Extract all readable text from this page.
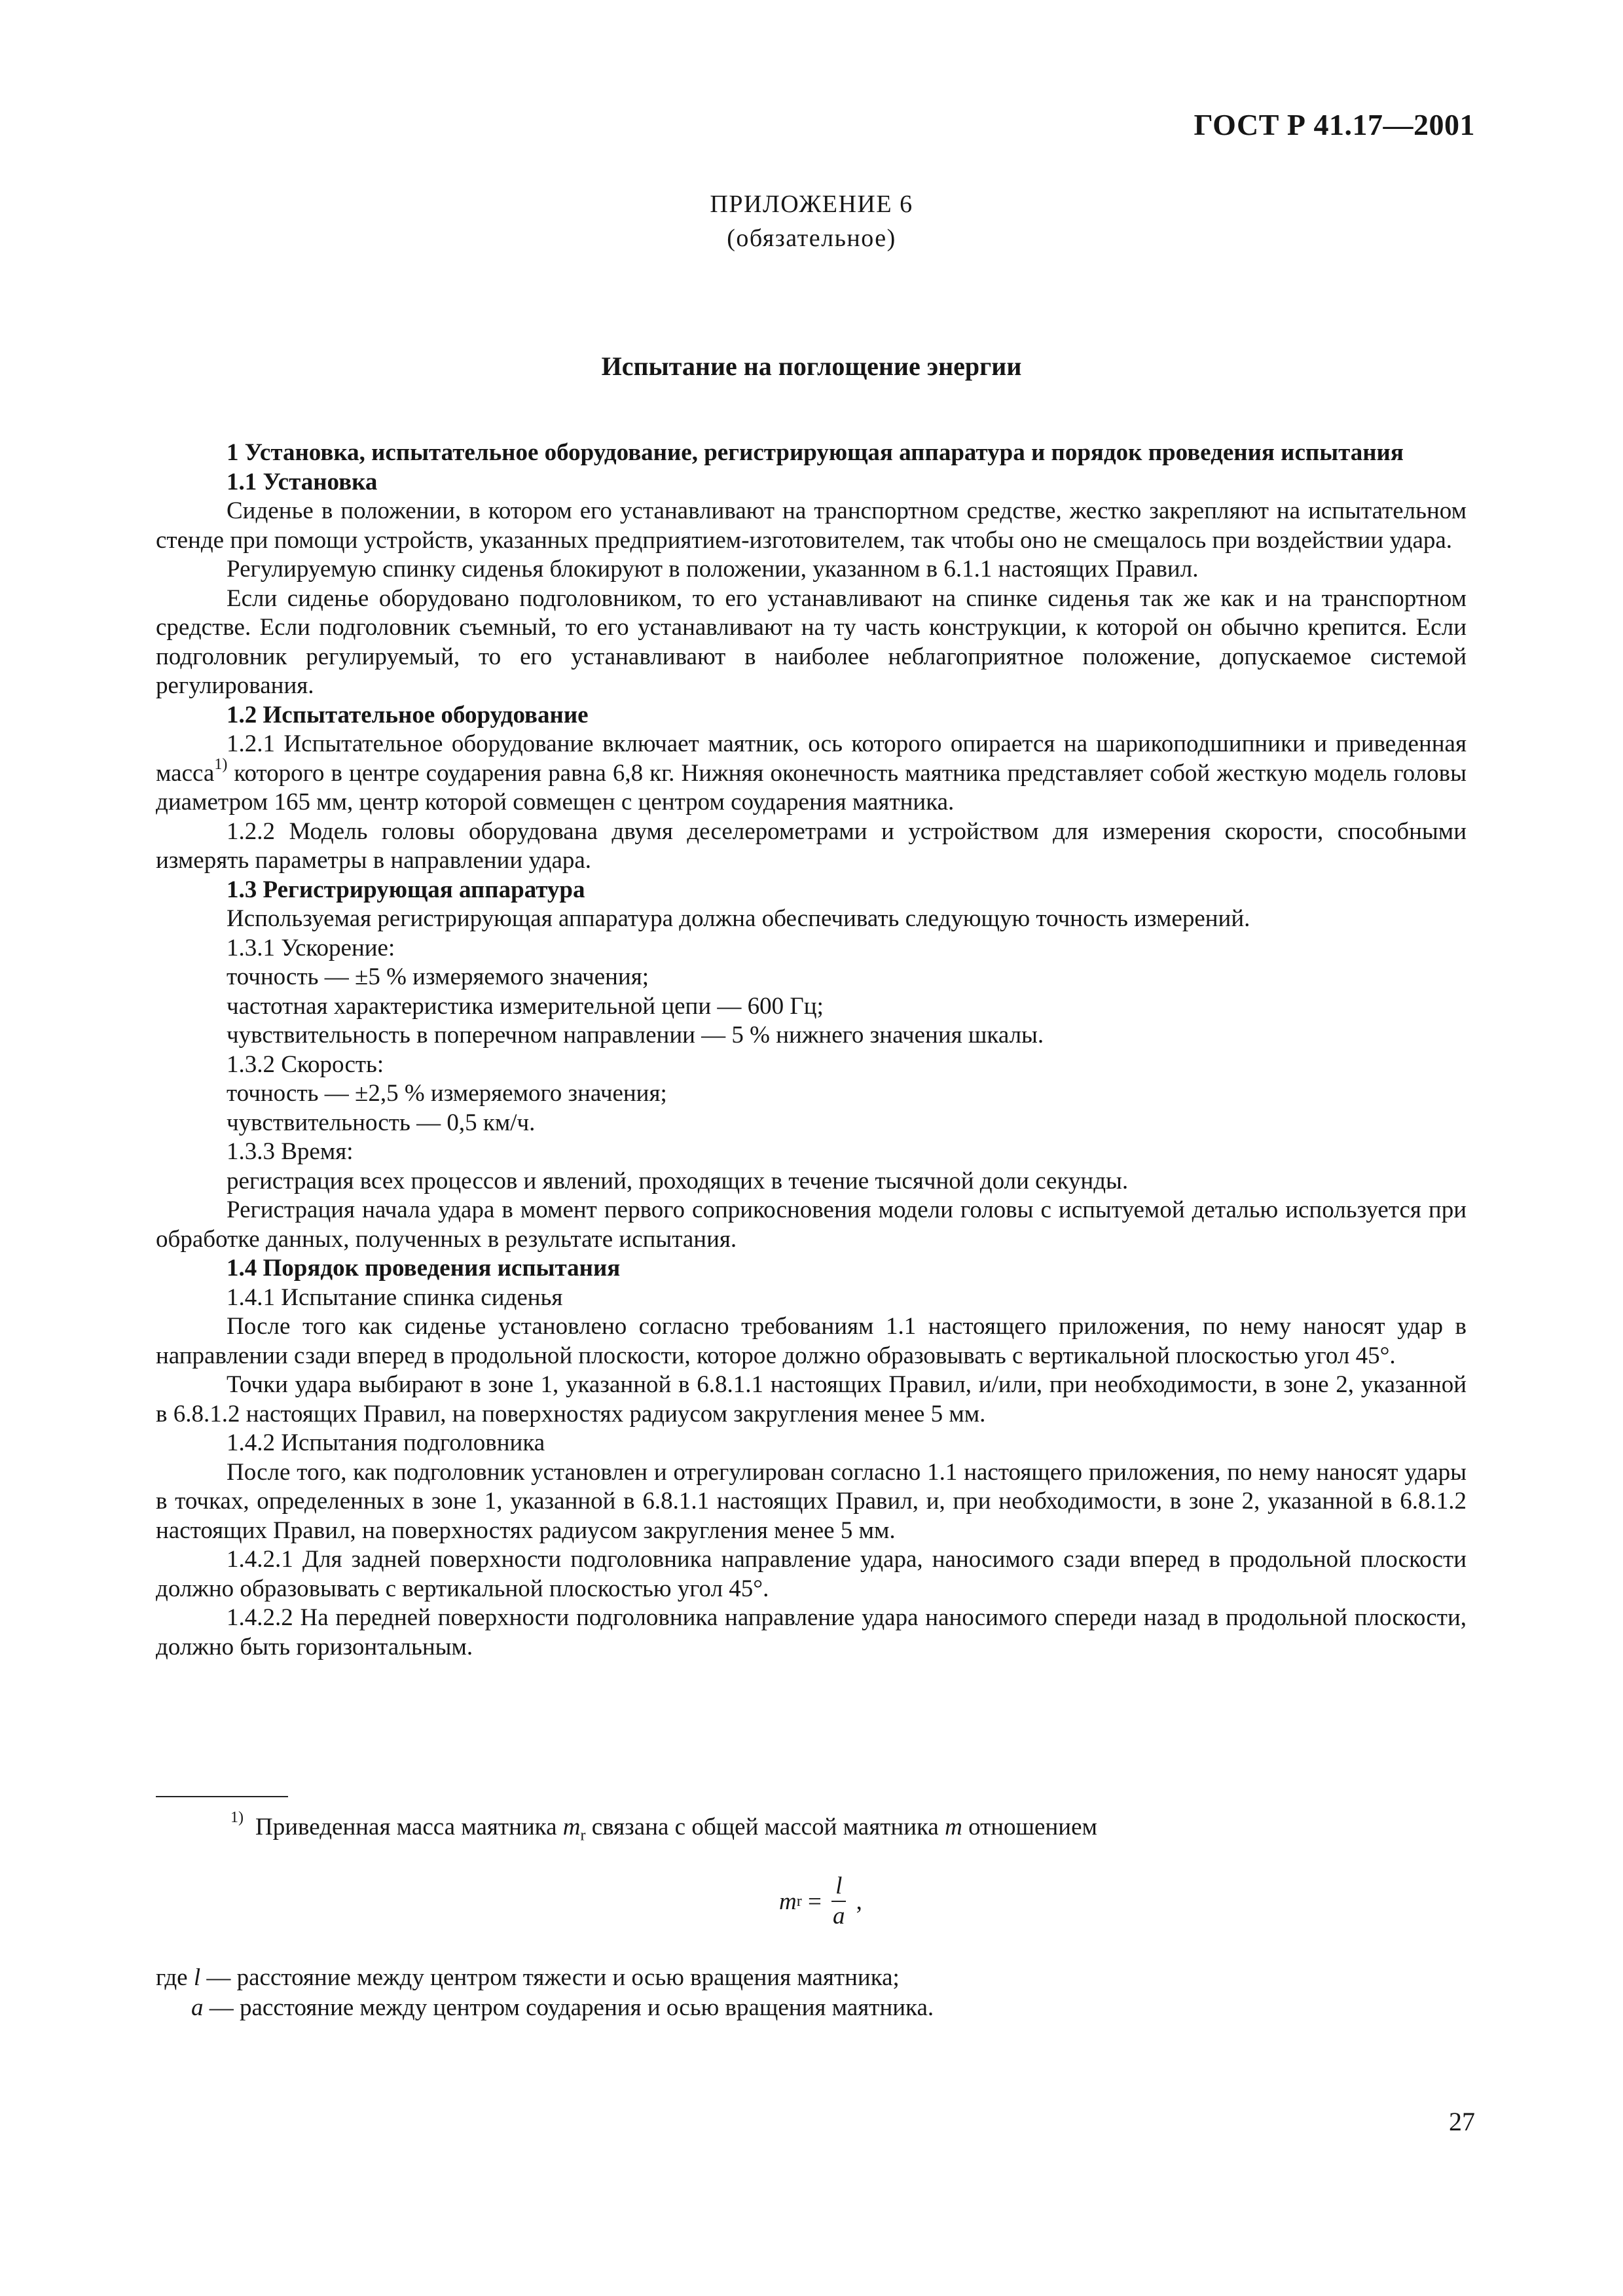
ГОСТ Р 41.17—2001
ПРИЛОЖЕНИЕ 6
(обязательное)
Испытание на поглощение энергии

1 Установка, испытательное оборудование, регистрирующая аппаратура и порядок проведения испытания

1.1 Установка

Сиденье в положении, в котором его устанавливают на транспортном средстве, жестко закрепляют на испытательном стенде при помощи устройств, указанных предприятием-изготовителем, так чтобы оно не смещалось при воздействии удара.

Регулируемую спинку сиденья блокируют в положении, указанном в 6.1.1 настоящих Правил.

Если сиденье оборудовано подголовником, то его устанавливают на спинке сиденья так же как и на транспортном средстве. Если подголовник съемный, то его устанавливают на ту часть конструкции, к которой он обычно крепится. Если подголовник регулируемый, то его устанавливают в наиболее неблагоприятное положение, допускаемое системой регулирования.

1.2 Испытательное оборудование

1.2.1 Испытательное оборудование включает маятник, ось которого опирается на шарикоподшипники и приведенная масса$^{1)}$ которого в центре соударения равна 6,8 кг. Нижняя оконечность маятника представляет собой жесткую модель головы диаметром 165 мм, центр которой совмещен с центром соударения маятника.

1.2.2 Модель головы оборудована двумя деселерометрами и устройством для измерения скорости, способными измерять параметры в направлении удара.

1.3 Регистрирующая аппаратура

Используемая регистрирующая аппаратура должна обеспечивать следующую точность измерений.

1.3.1 Ускорение:

точность — ±5 % измеряемого значения;

частотная характеристика измерительной цепи — 600 Гц;

чувствительность в поперечном направлении — 5 % нижнего значения шкалы.

1.3.2 Скорость:

точность — ±2,5 % измеряемого значения;

чувствительность — 0,5 км/ч.

1.3.3 Время:

регистрация всех процессов и явлений, проходящих в течение тысячной доли секунды.

Регистрация начала удара в момент первого соприкосновения модели головы с испытуемой деталью используется при обработке данных, полученных в результате испытания.

1.4 Порядок проведения испытания

1.4.1 Испытание спинка сиденья

После того как сиденье установлено согласно требованиям 1.1 настоящего приложения, по нему наносят удар в направлении сзади вперед в продольной плоскости, которое должно образовывать с вертикальной плоскостью угол 45°.

Точки удара выбирают в зоне 1, указанной в 6.8.1.1 настоящих Правил, и/или, при необходимости, в зоне 2, указанной в 6.8.1.2 настоящих Правил, на поверхностях радиусом закругления менее 5 мм.

1.4.2 Испытания подголовника

После того, как подголовник установлен и отрегулирован согласно 1.1 настоящего приложения, по нему наносят удары в точках, определенных в зоне 1, указанной в 6.8.1.1 настоящих Правил, и, при необходимости, в зоне 2, указанной в 6.8.1.2 настоящих Правил, на поверхностях радиусом закругления менее 5 мм.

1.4.2.1 Для задней поверхности подголовника направление удара, наносимого сзади вперед в продольной плоскости должно образовывать с вертикальной плоскостью угол 45°.

1.4.2.2 На передней поверхности подголовника направление удара наносимого спереди назад в продольной плоскости, должно быть горизонтальным.

$^{1)}$ Приведенная масса маятника $m_r$ связана с общей массой маятника m отношением
m $r = \frac{l}{a}$ ,
где l — расстояние между центром тяжести и осью вращения маятника;
a — расстояние между центром соударения и осью вращения маятника.
27
